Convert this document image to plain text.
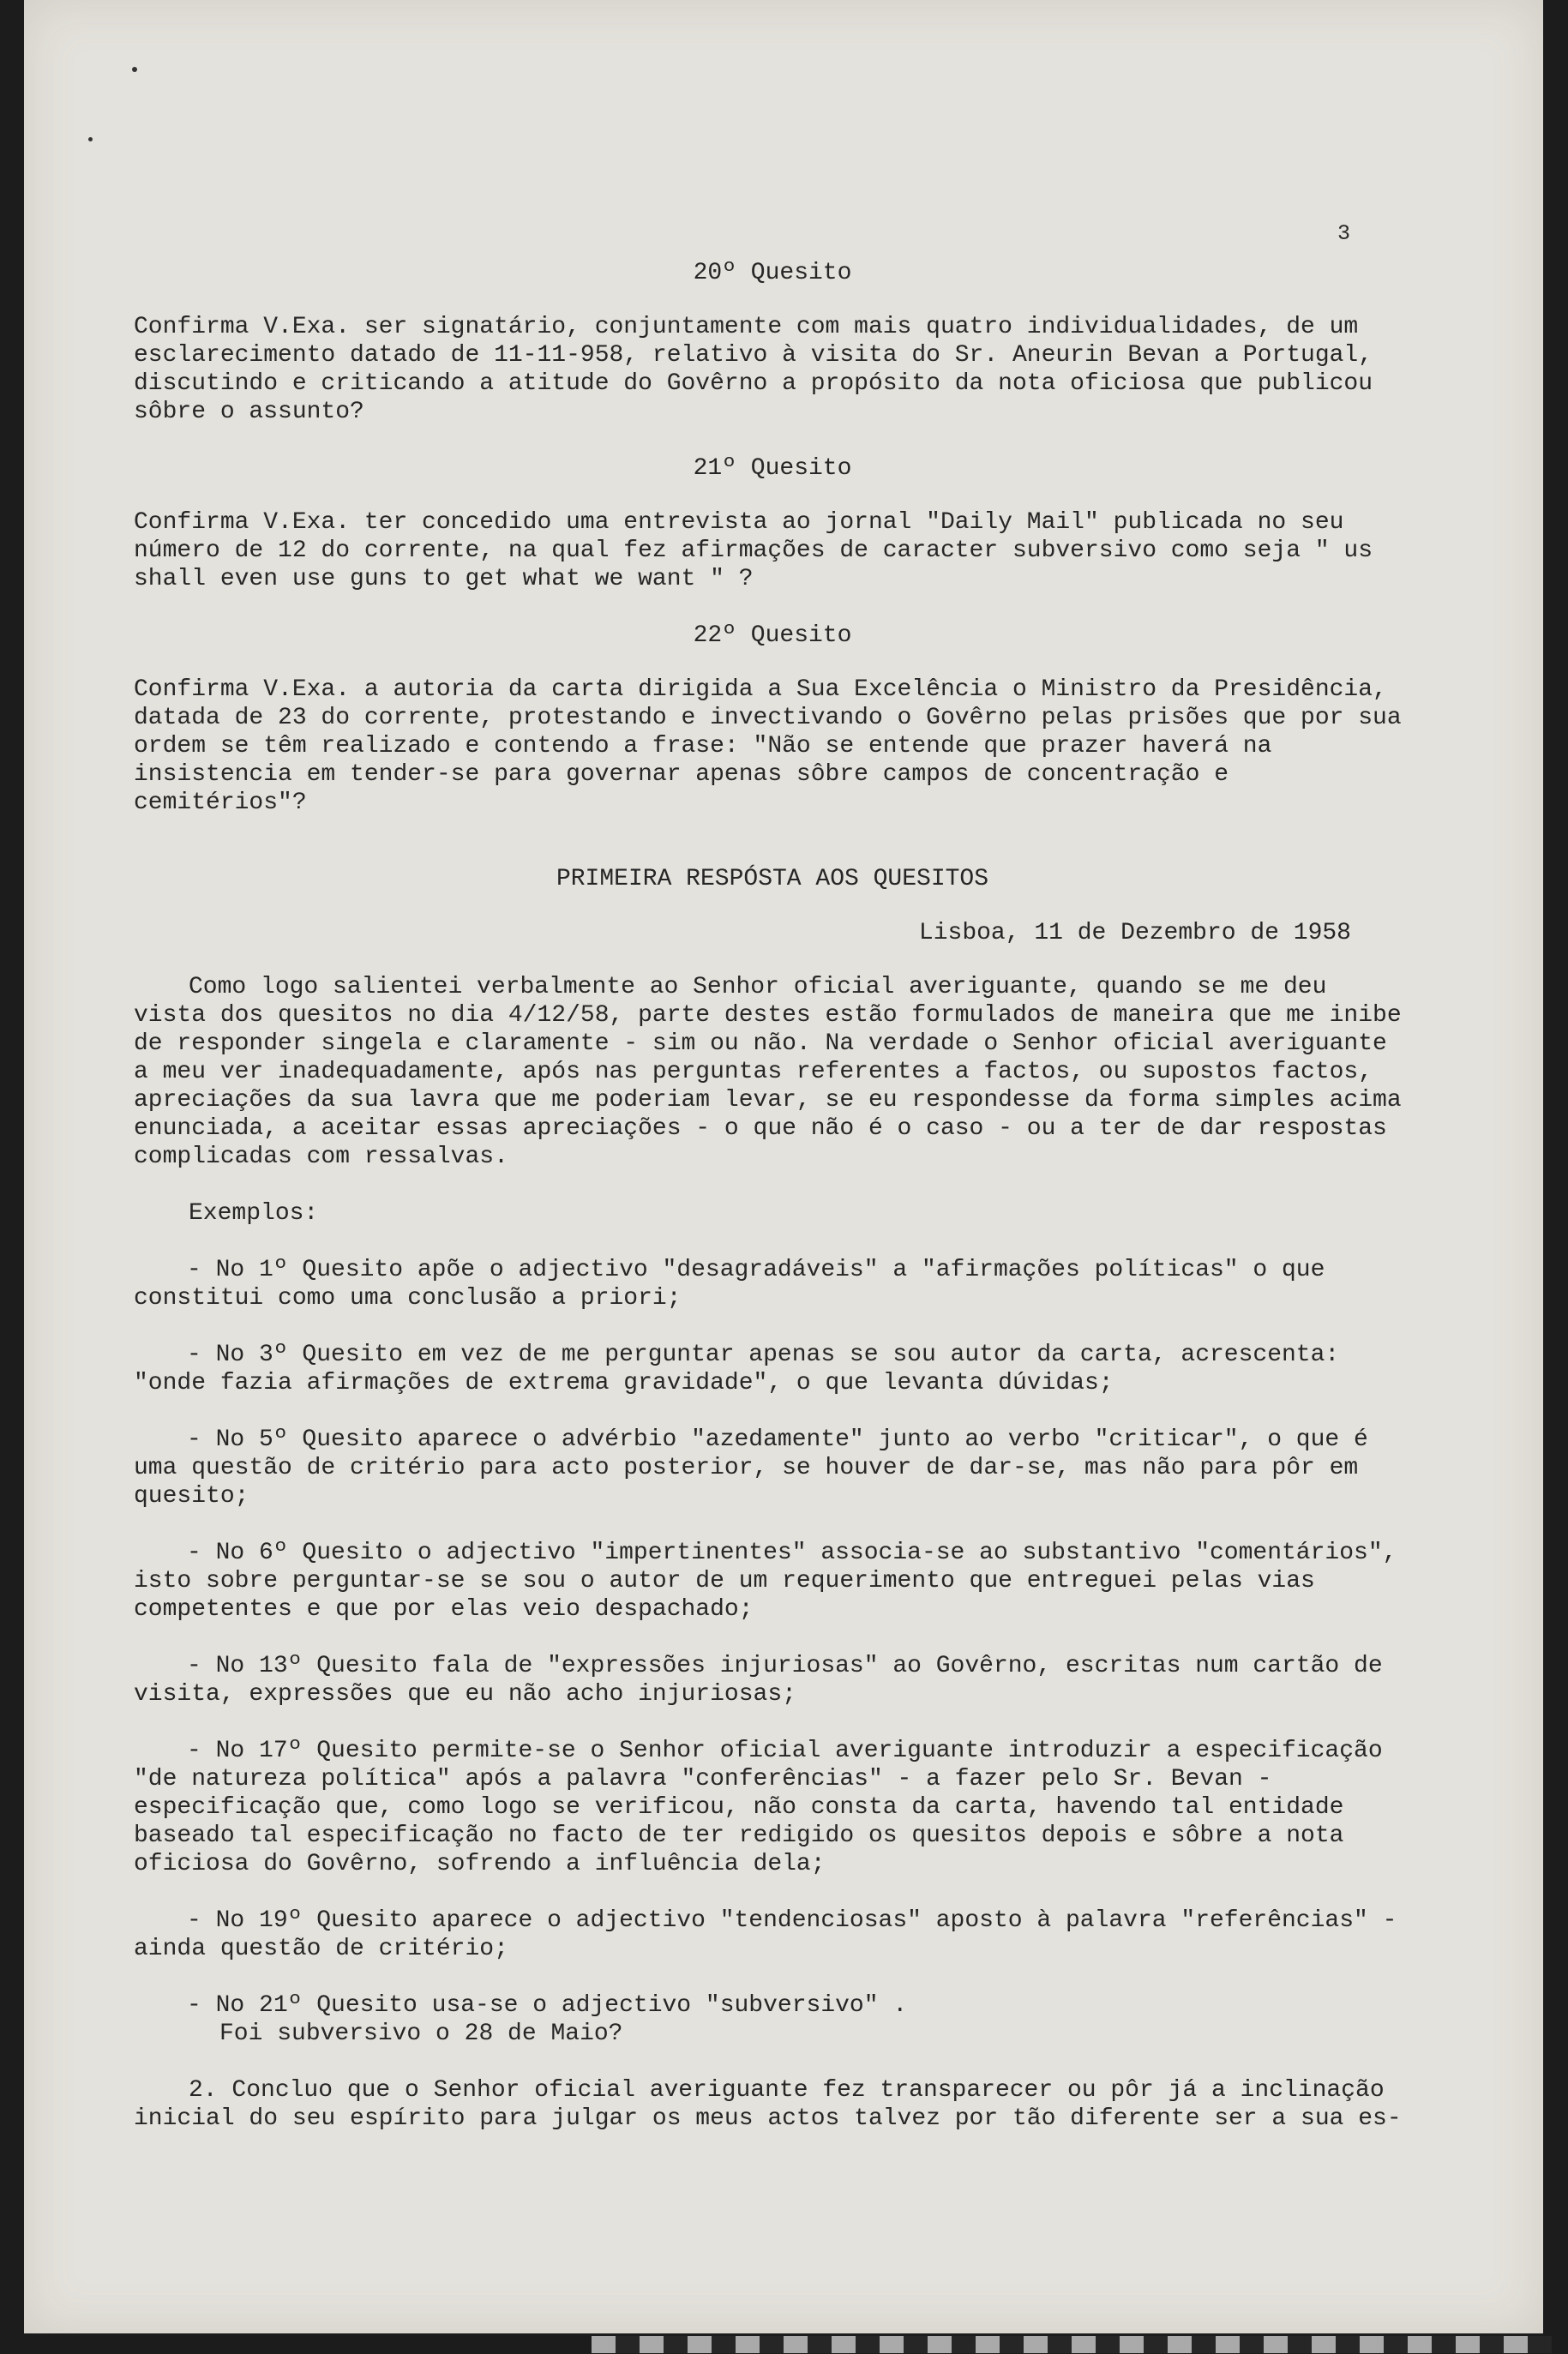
3
20º Quesito

Confirma V.Exa. ser signatário, conjuntamente com mais quatro individualidades, de um esclarecimento datado de 11-11-958, relativo à visita do Sr. Aneurin Bevan a Portugal, discutindo e criticando a atitude do Govêrno a propósito da nota oficiosa que publicou sôbre o assunto?

21º Quesito

Confirma V.Exa. ter concedido uma entrevista ao jornal "Daily Mail" publicada no seu número de 12 do corrente, na qual fez afirmações de caracter subversivo como seja " us shall even use guns to get what we want " ?

22º Quesito

Confirma V.Exa. a autoria da carta dirigida a Sua Excelência o Ministro da Presidência, datada de 23 do corrente, protestando e invectivando o Govêrno pelas prisões que por sua ordem se têm realizado e contendo a frase: "Não se entende que prazer haverá na insistencia em tender-se para governar apenas sôbre campos de concentração e cemitérios"?

PRIMEIRA RESPÓSTA AOS QUESITOS
Lisboa, 11 de Dezembro de 1958

Como logo salientei verbalmente ao Senhor oficial averiguante, quando se me deu vista dos quesitos no dia 4/12/58, parte destes estão formulados de maneira que me inibe de responder singela e claramente - sim ou não. Na verdade o Senhor oficial averiguante a meu ver inadequadamente, após nas perguntas referentes a factos, ou supostos factos, apreciações da sua lavra que me poderiam levar, se eu respondesse da forma simples acima enunciada, a aceitar essas apreciações - o que não é o caso - ou a ter de dar respostas complicadas com ressalvas.

Exemplos:

- No 1º Quesito apõe o adjectivo "desagradáveis" a "afirmações políticas" o que constitui como uma conclusão a priori;
- No 3º Quesito em vez de me perguntar apenas se sou autor da carta, acrescenta: "onde fazia afirmações de extrema gravidade", o que levanta dúvidas;
- No 5º Quesito aparece o advérbio "azedamente" junto ao verbo "criticar", o que é uma questão de critério para acto posterior, se houver de dar-se, mas não para pôr em quesito;
- No 6º Quesito o adjectivo "impertinentes" associa-se ao substantivo "comentários", isto sobre perguntar-se se sou o autor de um requerimento que entreguei pelas vias competentes e que por elas veio despachado;
- No 13º Quesito fala de "expressões injuriosas" ao Govêrno, escritas num cartão de visita, expressões que eu não acho injuriosas;
- No 17º Quesito permite-se o Senhor oficial averiguante introduzir a especificação "de natureza política" após a palavra "conferências" - a fazer pelo Sr. Bevan - especificação que, como logo se verificou, não consta da carta, havendo tal entidade baseado tal especificação no facto de ter redigido os quesitos depois e sôbre a nota oficiosa do Govêrno, sofrendo a influência dela;
- No 19º Quesito aparece o adjectivo "tendenciosas" aposto à palavra "referências" - ainda questão de critério;
- No 21º Quesito usa-se o adjectivo "subversivo" .
Foi subversivo o 28 de Maio?

2. Concluo que o Senhor oficial averiguante fez transparecer ou pôr já a inclinação inicial do seu espírito para julgar os meus actos talvez por tão diferente ser a sua es-
